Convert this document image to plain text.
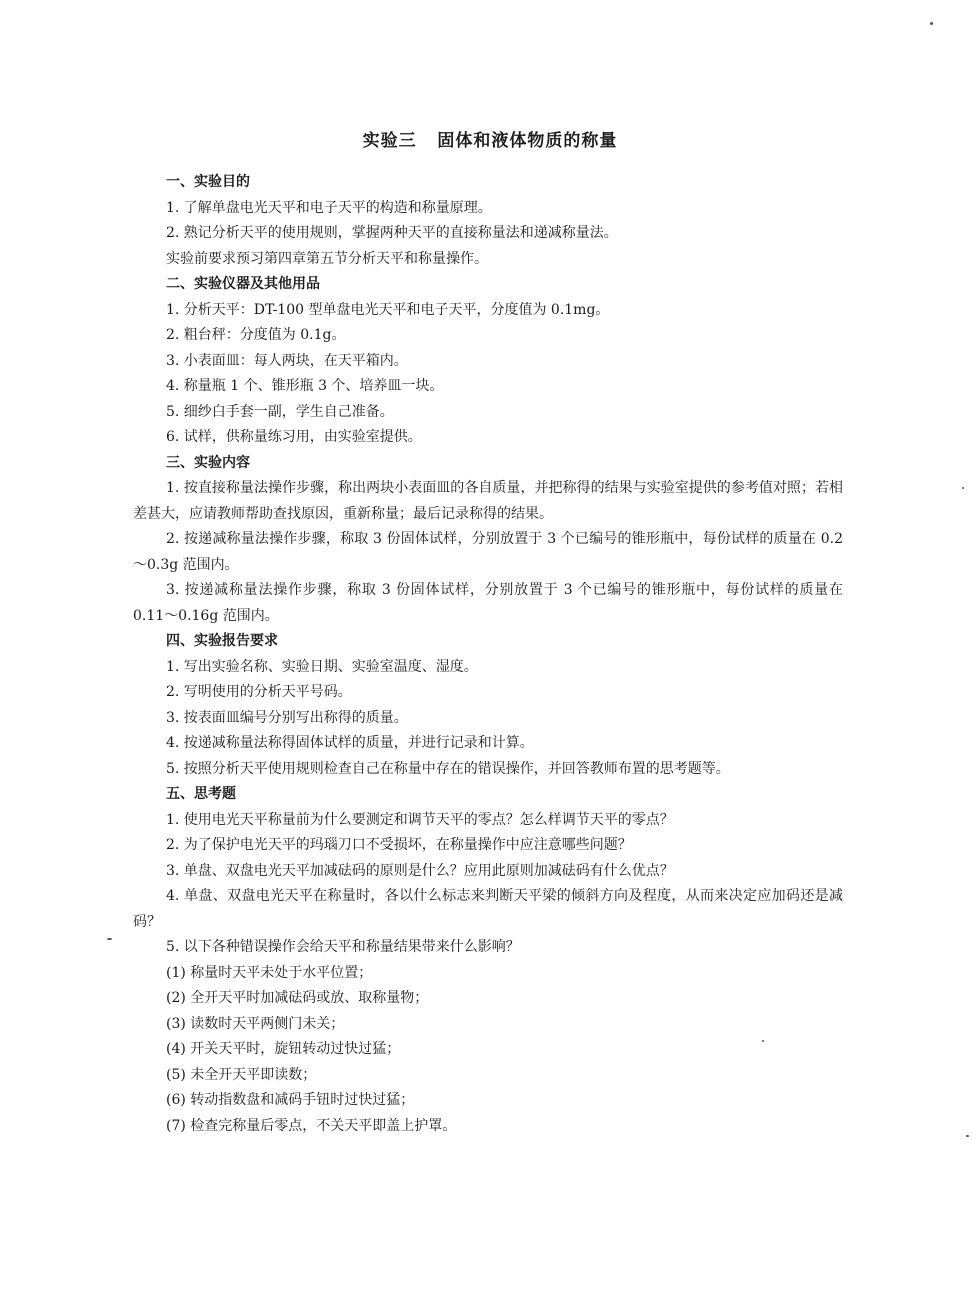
实验三   固体和液体物质的称量
一、实验目的
1. 了解单盘电光天平和电子天平的构造和称量原理。
2. 熟记分析天平的使用规则，掌握两种天平的直接称量法和递减称量法。
实验前要求预习第四章第五节分析天平和称量操作。
二、实验仪器及其他用品
1. 分析天平：DT-100 型单盘电光天平和电子天平，分度值为 0.1mg。
2. 粗台秤：分度值为 0.1g。
3. 小表面皿：每人两块，在天平箱内。
4. 称量瓶 1 个、锥形瓶 3 个、培养皿一块。
5. 细纱白手套一副，学生自己准备。
6. 试样，供称量练习用，由实验室提供。
三、实验内容
1. 按直接称量法操作步骤，称出两块小表面皿的各自质量，并把称得的结果与实验室提供的参考值对照；若相差甚大，应请教师帮助查找原因，重新称量；最后记录称得的结果。
2. 按递减称量法操作步骤，称取 3 份固体试样，分别放置于 3 个已编号的锥形瓶中，每份试样的质量在 0.2～0.3g 范围内。
3. 按递减称量法操作步骤，称取 3 份固体试样，分别放置于 3 个已编号的锥形瓶中，每份试样的质量在 0.11～0.16g 范围内。
四、实验报告要求
1. 写出实验名称、实验日期、实验室温度、湿度。
2. 写明使用的分析天平号码。
3. 按表面皿编号分别写出称得的质量。
4. 按递减称量法称得固体试样的质量，并进行记录和计算。
5. 按照分析天平使用规则检查自己在称量中存在的错误操作，并回答教师布置的思考题等。
五、思考题
1. 使用电光天平称量前为什么要测定和调节天平的零点？怎么样调节天平的零点？
2. 为了保护电光天平的玛瑙刀口不受损坏，在称量操作中应注意哪些问题？
3. 单盘、双盘电光天平加减砝码的原则是什么？应用此原则加减砝码有什么优点？
4. 单盘、双盘电光天平在称量时，各以什么标志来判断天平梁的倾斜方向及程度，从而来决定应加码还是减码？
5. 以下各种错误操作会给天平和称量结果带来什么影响？
(1) 称量时天平未处于水平位置；
(2) 全开天平时加减砝码或放、取称量物；
(3) 读数时天平两侧门未关；
(4) 开关天平时，旋钮转动过快过猛；
(5) 未全开天平即读数；
(6) 转动指数盘和减码手钮时过快过猛；
(7) 检查完称量后零点，不关天平即盖上护罩。
